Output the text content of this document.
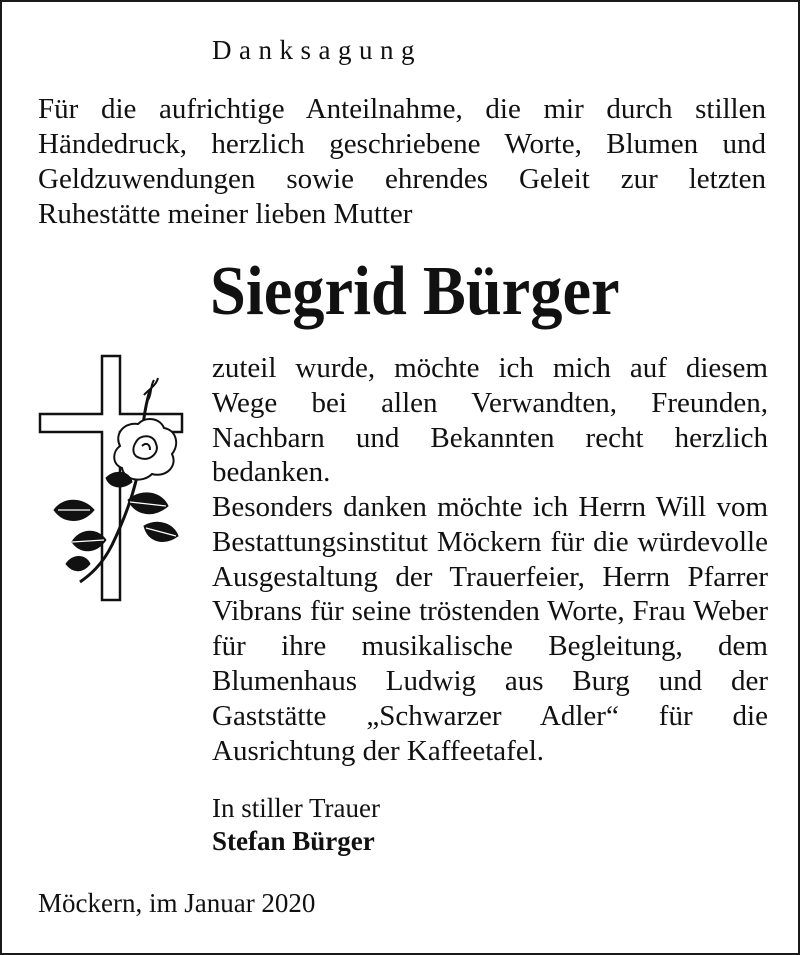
Danksagung
Für die aufrichtige Anteilnahme, die mir durch stillen Händedruck, herzlich geschriebene Worte, Blumen und Geldzuwendungen sowie ehrendes Geleit zur letzten Ruhestätte meiner lieben Mutter
Siegrid Bürger
zuteil wurde, möchte ich mich auf diesem Wege bei allen Verwandten, Freunden, Nachbarn und Bekannten recht herzlich bedanken.
Besonders danken möchte ich Herrn Will vom Bestattungsinstitut Möckern für die würdevolle Ausgestaltung der Trauerfeier, Herrn Pfarrer Vibrans für seine tröstenden Worte, Frau Weber für ihre musikalische Begleitung, dem Blumenhaus Ludwig aus Burg und der Gaststätte „Schwarzer Adler“ für die Ausrichtung der Kaffeetafel.
In stiller Trauer
Stefan Bürger
Möckern, im Januar 2020
